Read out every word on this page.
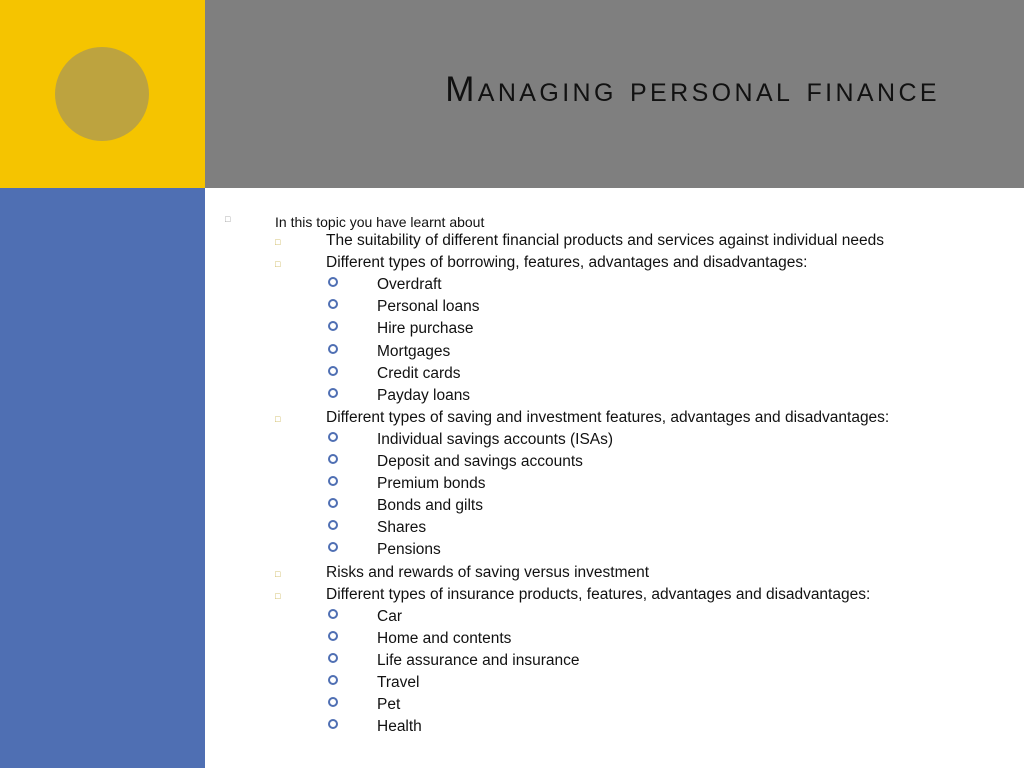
Managing personal finance
□	In this topic you have learnt about
□	The suitability of different financial products and services against individual needs
□	Different types of borrowing, features, advantages and disadvantages:
Overdraft
Personal loans
Hire purchase
Mortgages
Credit cards
Payday loans
□	Different types of saving and investment features, advantages and disadvantages:
Individual savings accounts (ISAs)
Deposit and savings accounts
Premium bonds
Bonds and gilts
Shares
Pensions
□	Risks and rewards of saving versus investment
□	Different types of insurance products, features, advantages and disadvantages:
Car
Home and contents
Life assurance and insurance
Travel
Pet
Health
